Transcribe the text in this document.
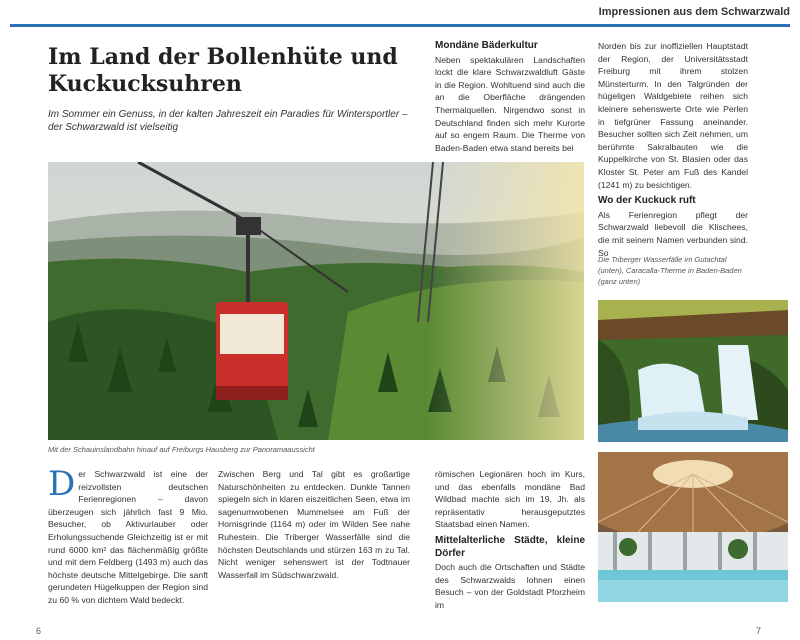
Impressionen aus dem Schwarzwald
Im Land der Bollenhüte und Kuckucksuhren

Im Sommer ein Genuss, in der kalten Jahreszeit ein Paradies für Wintersportler – der Schwarzwald ist vielseitig

Mit der Schauinslandbahn hinauf auf Freiburgs Hausberg zur Panoramaaussicht

Der Schwarzwald ist eine der reizvollsten deutschen Ferienregionen – davon überzeugen sich jährlich fast 9 Mio. Besucher, ob Aktivurlauber oder Erholungssuchende Gleichzeitig ist er mit rund 6000 km² das flächenmäßig größte und mit dem Feldberg (1493 m) auch das höchste deutsche Mittelgebirge. Die sanft gerundeten Hügelkuppen der Region sind zu 60 % von dichtem Wald bedeckt.

Zwischen Berg und Tal gibt es großartige Naturschönheiten zu entdecken. Dunkle Tannen spiegeln sich in klaren eiszeitlichen Seen, etwa im sagenumwobenen Mummelsee am Fuß der Hornisgrinde (1164 m) oder im Wilden See nahe Ruhestein. Die Triberger Wasserfälle sind die höchsten Deutschlands und stürzen 163 m zu Tal. Nicht weniger sehenswert ist der Todtnauer Wasserfall im Südschwarzwald.

Mondäne Bäderkultur

Neben spektakulären Landschaften lockt die klare Schwarzwaldluft Gäste in die Region. Wohltuend sind auch die an die Oberfläche drängenden Thermalquellen. Nirgendwo sonst in Deutschland finden sich mehr Kurorte auf so engem Raum. Die Therme von Baden-Baden etwa stand bereits bei

römischen Legionären hoch im Kurs, und das ebenfalls mondäne Bad Wildbad machte sich im 19. Jh. als repräsentativ herausgeputztes Staatsbad einen Namen.

Mittelalterliche Städte, kleine Dörfer

Doch auch die Ortschaften und Städte des Schwarzwalds lohnen einen Besuch – von der Goldstadt Pforzheim im

Norden bis zur inoffiziellen Hauptstadt der Region, der Universitätsstadt Freiburg mit ihrem stolzen Münsterturm. In den Talgründen der hügeligen Waldgebiete reihen sich kleinere sehenswerte Orte wie Perlen in tiefgrüner Fassung aneinander. Besucher sollten sich Zeit nehmen, um berühmte Sakralbauten wie die Kuppelkirche von St. Blasien oder das Kloster St. Peter am Fuß des Kandel (1241 m) zu besichtigen.

Wo der Kuckuck ruft

Als Ferienregion pflegt der Schwarzwald liebevoll die Klischees, die mit seinem Namen verbunden sind. So

Die Triberger Wasserfälle im Gutachtal (unten), Caracalla-Therme in Baden-Baden (ganz unten)
6	7
